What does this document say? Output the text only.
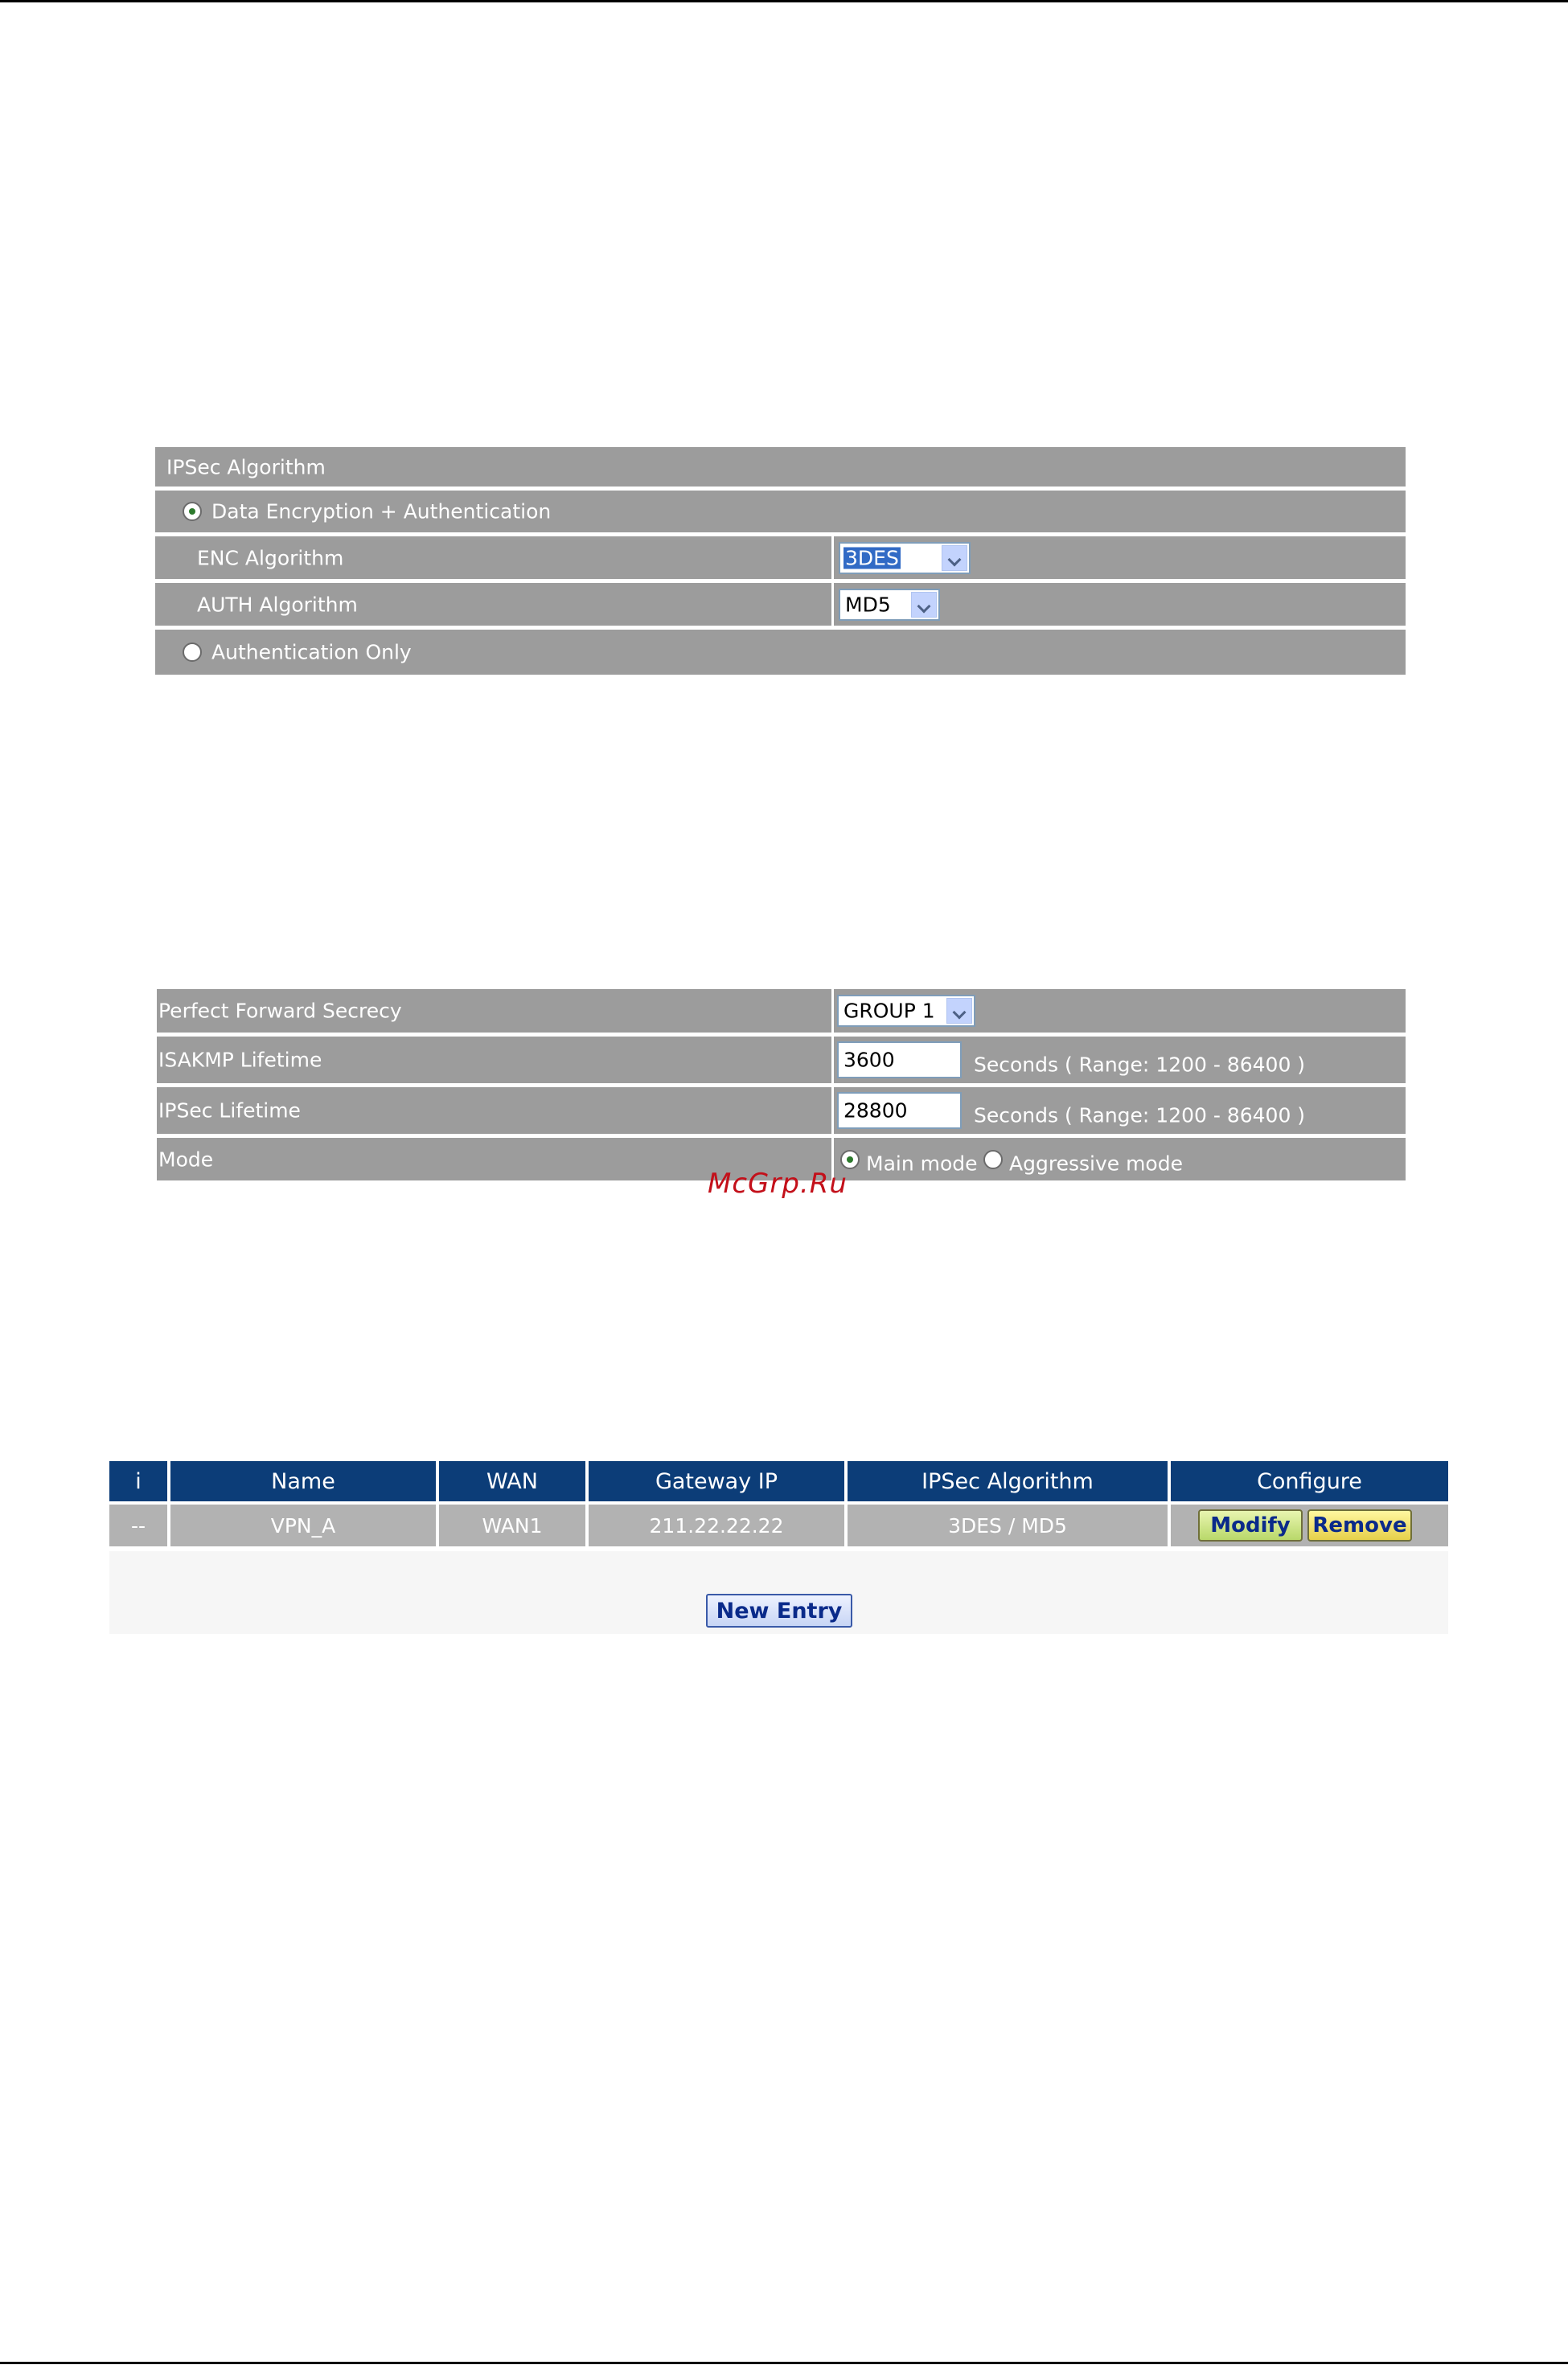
IPSec Algorithm
Data Encryption + Authentication
ENC Algorithm	3DES
AUTH Algorithm	MD5
Authentication Only
Perfect Forward Secrecy	GROUP 1
ISAKMP Lifetime	3600	Seconds ( Range: 1200 - 86400 )
IPSec Lifetime	28800	Seconds ( Range: 1200 - 86400 )
Mode	Main mode Aggressive mode
McGrp.Ru
i	Name	WAN	Gateway IP	IPSec Algorithm	Configure
--	VPN_A	WAN1	211.22.22.22	3DES / MD5	Modify	Remove
New Entry
